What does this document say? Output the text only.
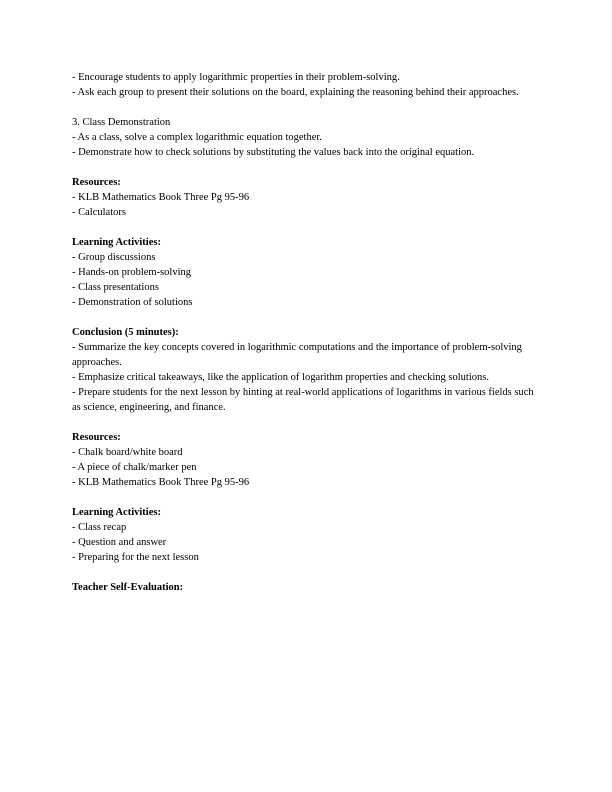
- Encourage students to apply logarithmic properties in their problem-solving.
- Ask each group to present their solutions on the board, explaining the reasoning behind their approaches.
3. Class Demonstration
- As a class, solve a complex logarithmic equation together.
- Demonstrate how to check solutions by substituting the values back into the original equation.
Resources:
- KLB Mathematics Book Three Pg 95-96
- Calculators
Learning Activities:
- Group discussions
- Hands-on problem-solving
- Class presentations
- Demonstration of solutions
Conclusion (5 minutes):
- Summarize the key concepts covered in logarithmic computations and the importance of problem-solving approaches.
- Emphasize critical takeaways, like the application of logarithm properties and checking solutions.
- Prepare students for the next lesson by hinting at real-world applications of logarithms in various fields such as science, engineering, and finance.
Resources:
- Chalk board/white board
- A piece of chalk/marker pen
- KLB Mathematics Book Three Pg 95-96
Learning Activities:
- Class recap
- Question and answer
- Preparing for the next lesson
Teacher Self-Evaluation:
